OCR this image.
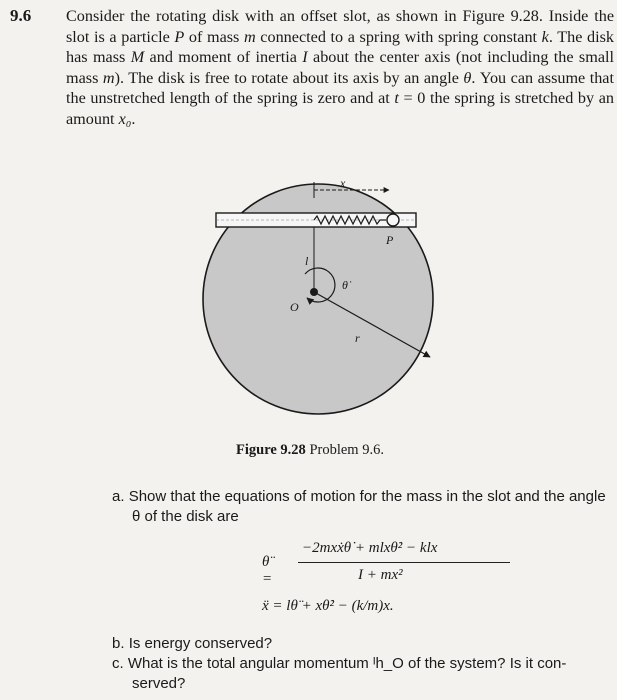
9.6 Consider the rotating disk with an offset slot, as shown in Figure 9.28. Inside the slot is a particle P of mass m connected to a spring with spring constant k. The disk has mass M and moment of inertia I about the center axis (not including the small mass m). The disk is free to rotate about its axis by an angle θ. You can assume that the unstretched length of the spring is zero and at t = 0 the spring is stretched by an amount x₀.
x
P
l
θ̇
O
r
Figure 9.28 Problem 9.6.
a. Show that the equations of motion for the mass in the slot and the angle
θ of the disk are
θ̈ =
−2mxẋθ̇ + mlxθ̇² − klx
I + mx²
ẍ = lθ̈ + xθ̇² − (k/m)x.
b. Is energy conserved?
c. What is the total angular momentum ᴵh_O of the system? Is it con-
served?
